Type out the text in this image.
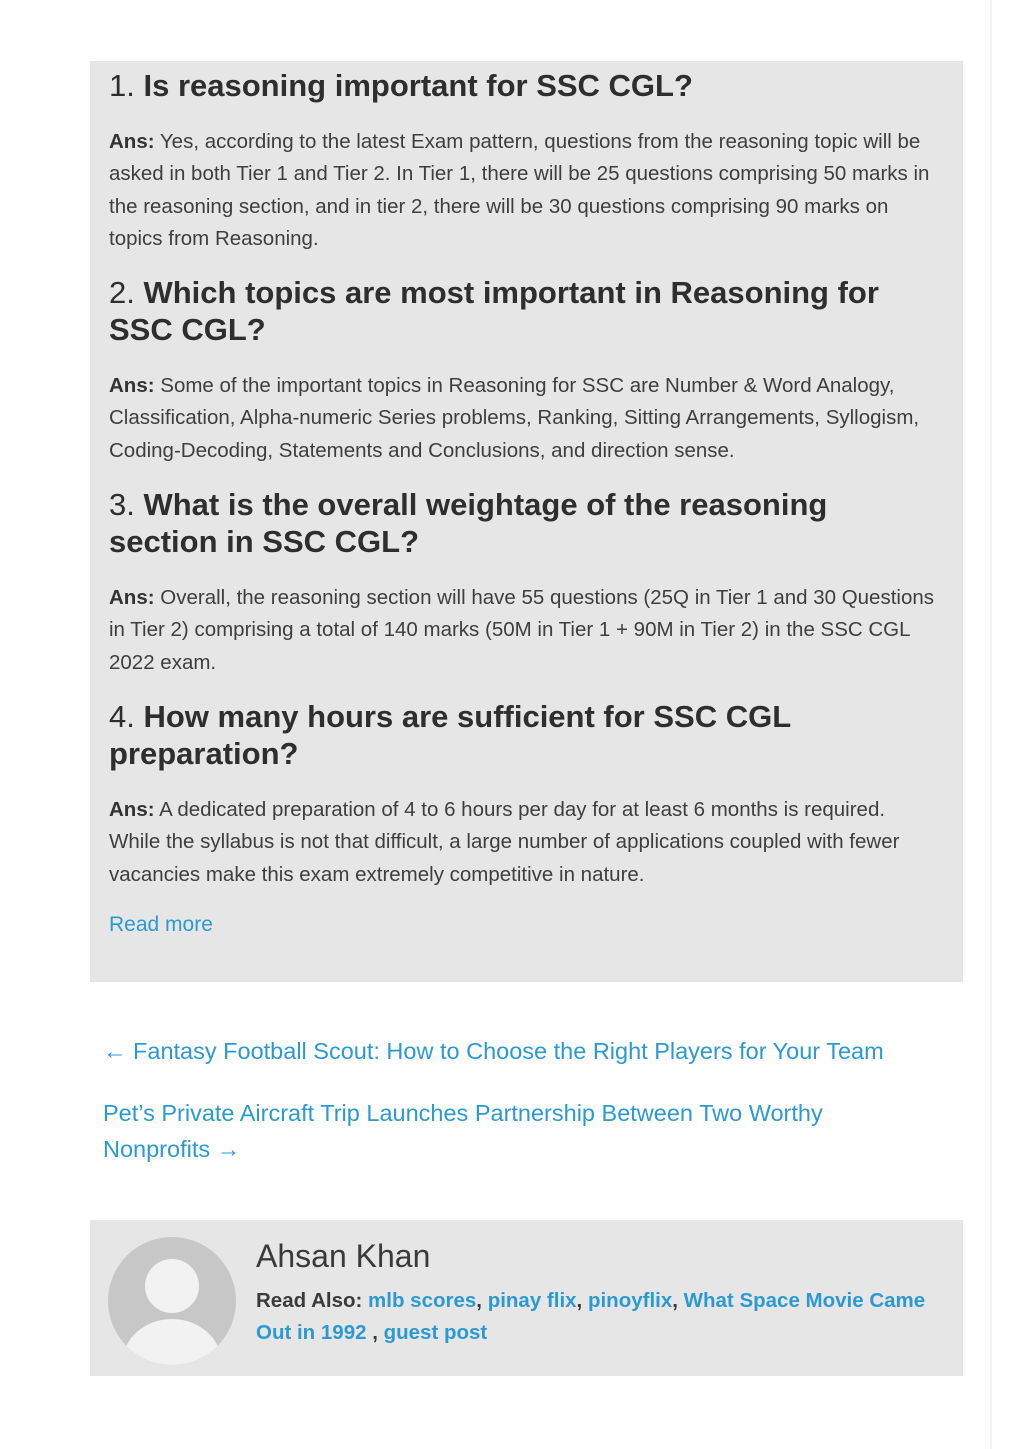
1. Is reasoning important for SSC CGL?

Ans: Yes, according to the latest Exam pattern, questions from the reasoning topic will be asked in both Tier 1 and Tier 2. In Tier 1, there will be 25 questions comprising 50 marks in the reasoning section, and in tier 2, there will be 30 questions comprising 90 marks on topics from Reasoning.

2. Which topics are most important in Reasoning for SSC CGL?

Ans: Some of the important topics in Reasoning for SSC are Number & Word Analogy, Classification, Alpha-numeric Series problems, Ranking, Sitting Arrangements, Syllogism, Coding-Decoding, Statements and Conclusions, and direction sense.

3. What is the overall weightage of the reasoning section in SSC CGL?

Ans: Overall, the reasoning section will have 55 questions (25Q in Tier 1 and 30 Questions in Tier 2) comprising a total of 140 marks (50M in Tier 1 + 90M in Tier 2) in the SSC CGL 2022 exam.

4. How many hours are sufficient for SSC CGL preparation?

Ans: A dedicated preparation of 4 to 6 hours per day for at least 6 months is required. While the syllabus is not that difficult, a large number of applications coupled with fewer vacancies make this exam extremely competitive in nature.

Read more
← Fantasy Football Scout: How to Choose the Right Players for Your Team
Pet’s Private Aircraft Trip Launches Partnership Between Two Worthy Nonprofits →
Ahsan Khan

Read Also: mlb scores, pinay flix, pinoyflix, What Space Movie Came Out in 1992 , guest post
